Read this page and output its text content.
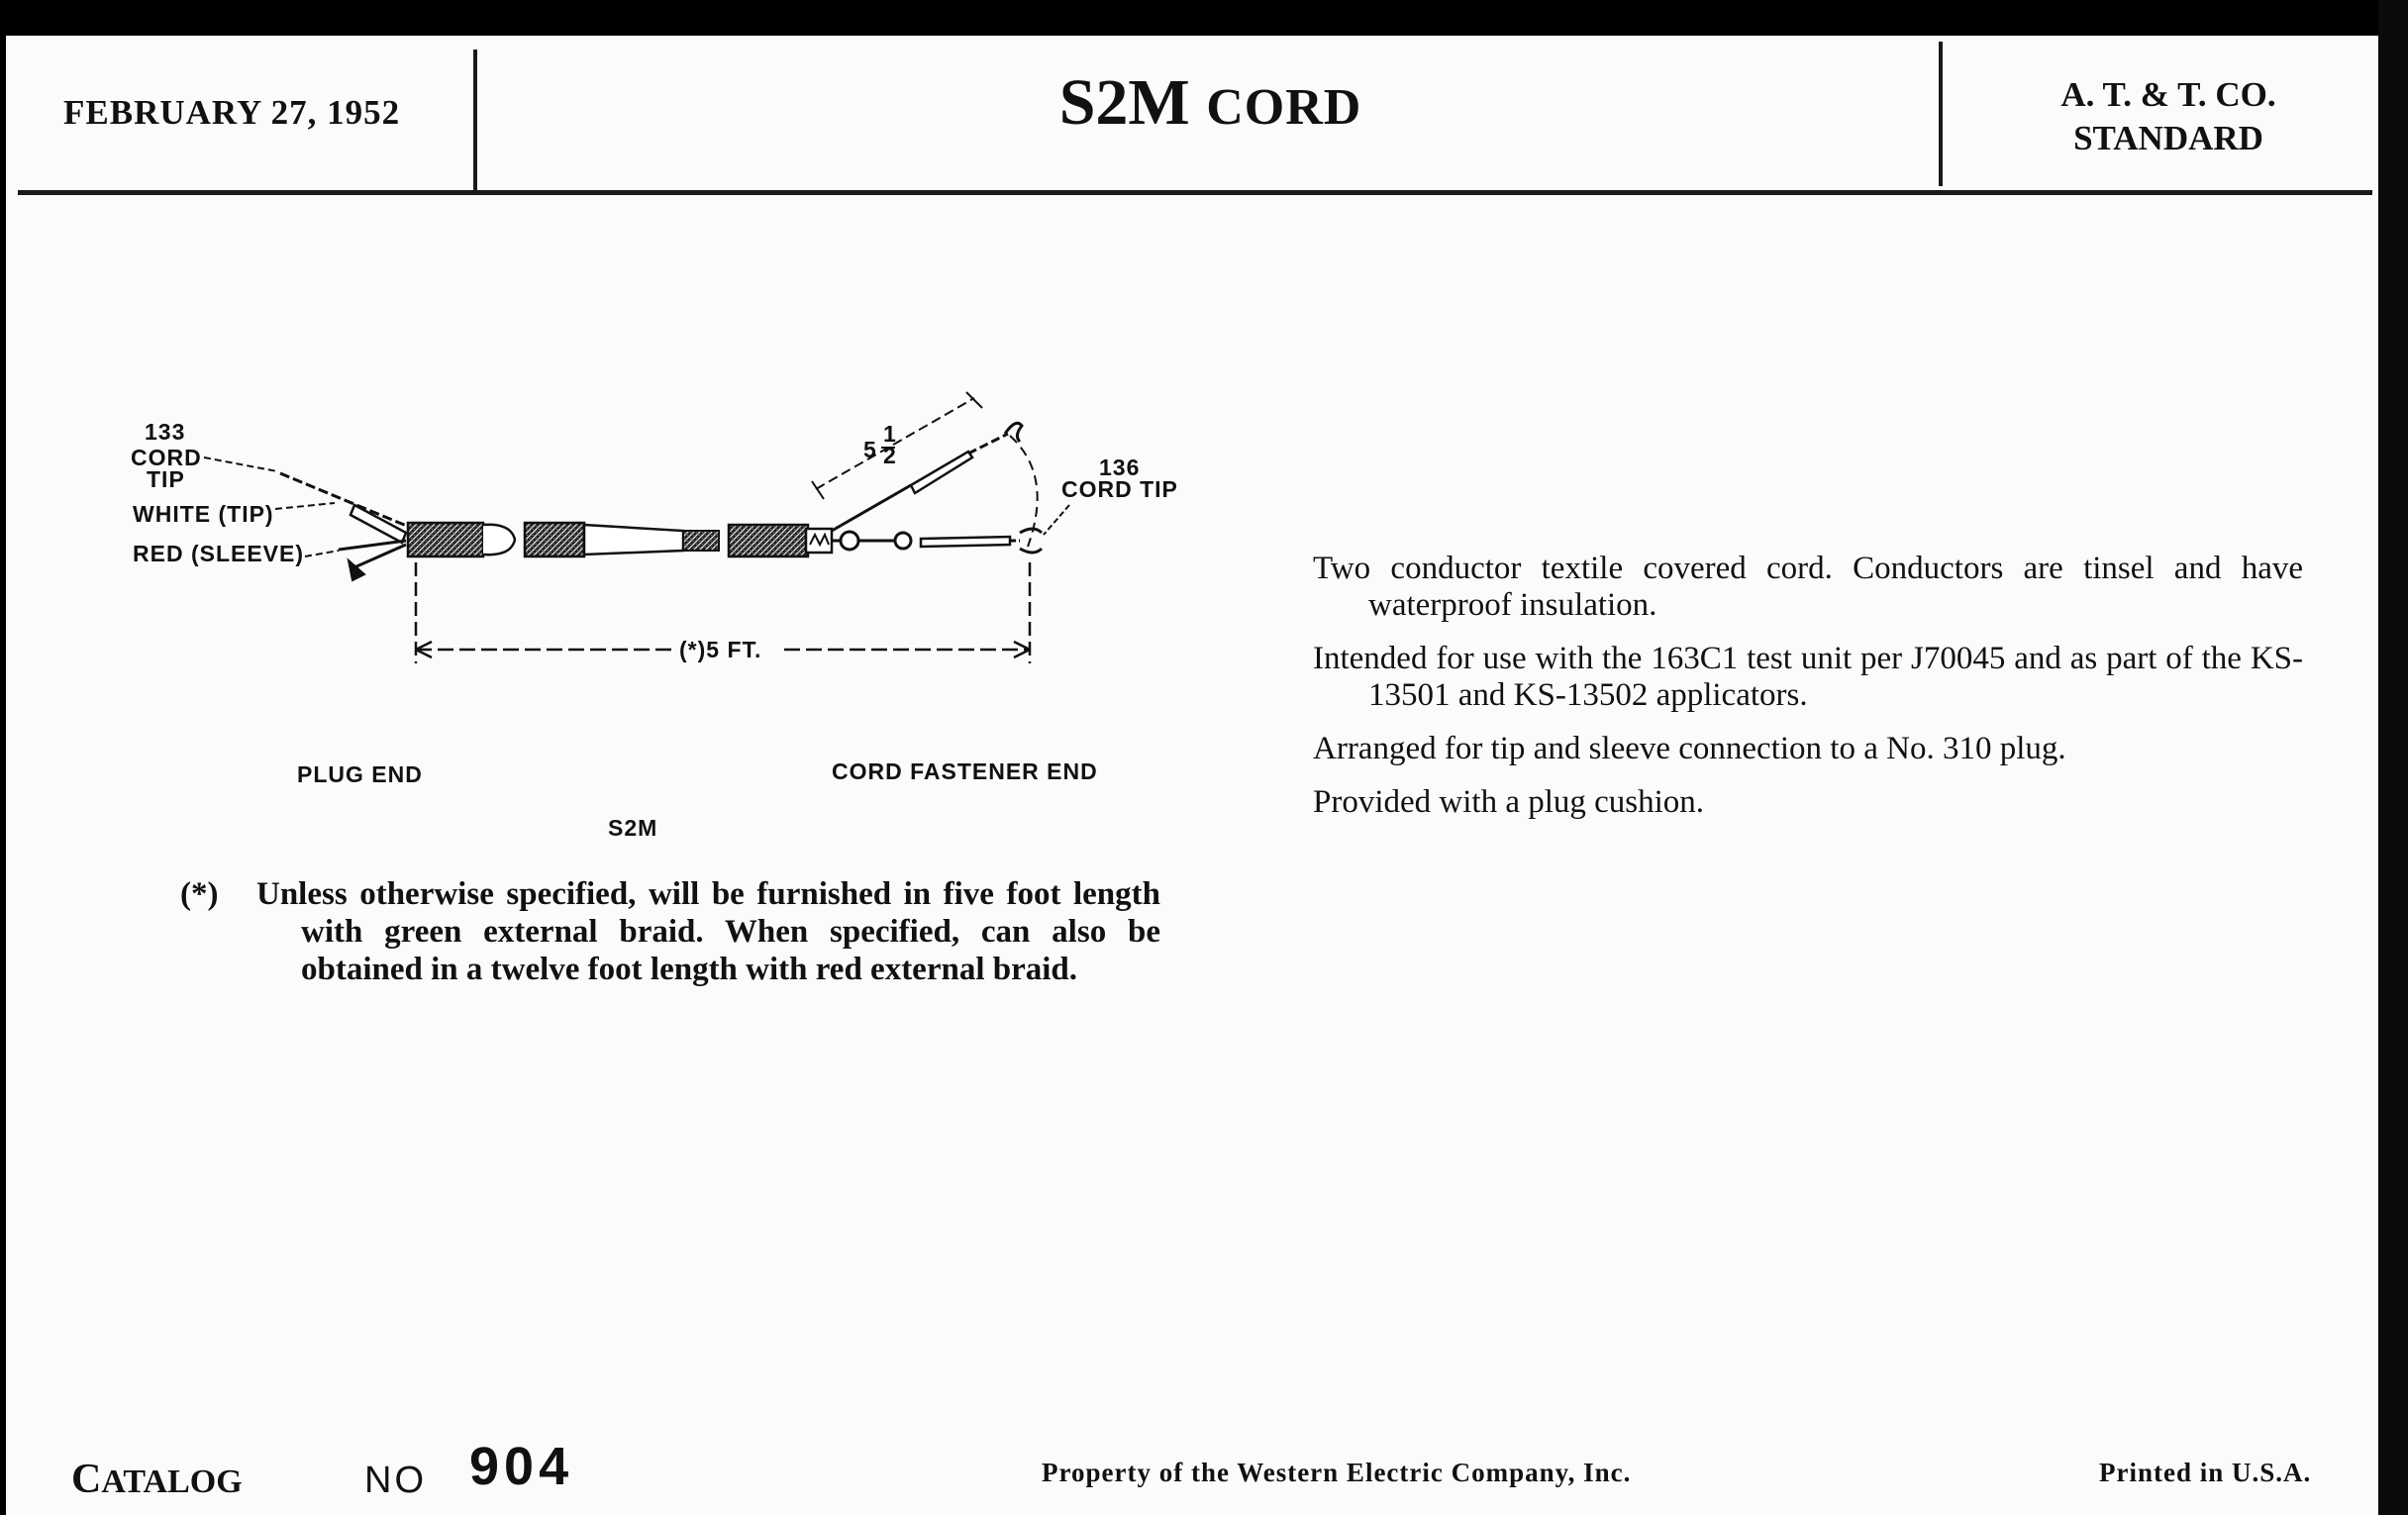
FEBRUARY 27, 1952	S2M CORD	A. T. & T. CO.
STANDARD
133
CORD
TIP
WHITE (TIP)
RED (SLEEVE)
136
CORD TIP
5
1
2
(*)5 FT.
PLUG END	CORD FASTENER END
S2M
(*) Unless otherwise specified, will be furnished in five foot length with green external braid. When specified, can also be obtained in a twelve foot length with red external braid.

Two conductor textile covered cord. Conductors are tinsel and have waterproof insulation.

Intended for use with the 163C1 test unit per J70045 and as part of the KS-13501 and KS-13502 applicators.

Arranged for tip and sleeve connection to a No. 310 plug.

Provided with a plug cushion.

CATALOG	NO 904	Property of the Western Electric Company, Inc.	Printed in U.S.A.
